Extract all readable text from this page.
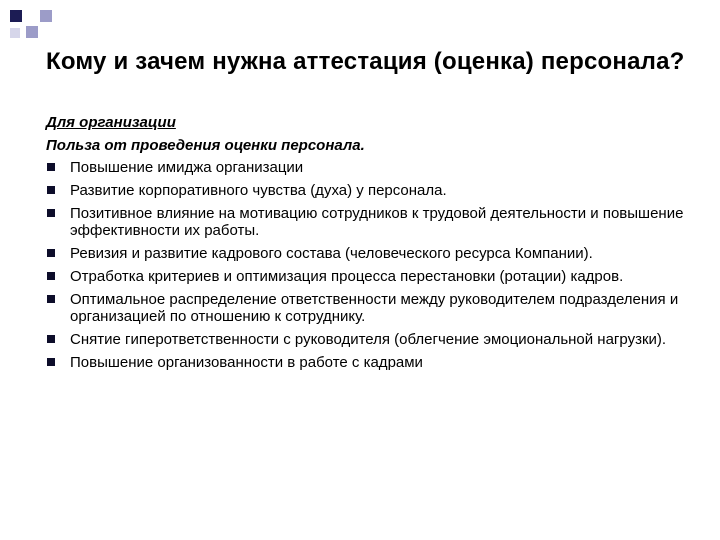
Кому и зачем нужна аттестация (оценка) персонала?
Для организации
Польза от проведения оценки персонала.
Повышение имиджа организации
Развитие корпоративного чувства (духа) у персонала.
Позитивное влияние на мотивацию сотрудников к трудовой деятельности и повышение эффективности их работы.
Ревизия и развитие кадрового состава (человеческого ресурса Компании).
Отработка критериев и оптимизация процесса перестановки (ротации) кадров.
Оптимальное распределение ответственности между руководителем подразделения и организацией по отношению к сотруднику.
Снятие гиперответственности с руководителя (облегчение эмоциональной нагрузки).
Повышение организованности в работе с кадрами
